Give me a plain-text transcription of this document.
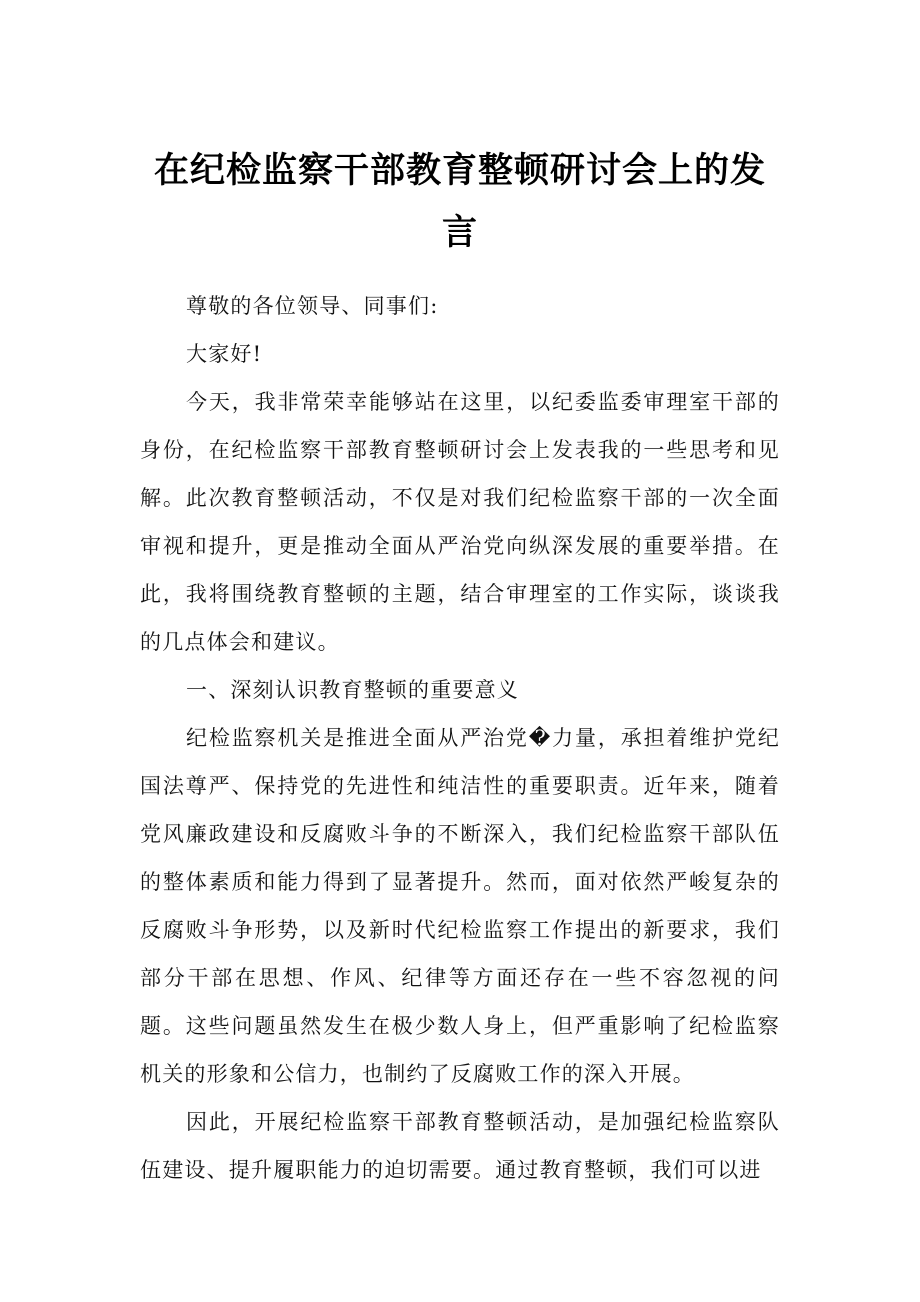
在纪检监察干部教育整顿研讨会上的发言

尊敬的各位领导、同事们:

大家好!

今天，我非常荣幸能够站在这里，以纪委监委审理室干部的身份，在纪检监察干部教育整顿研讨会上发表我的一些思考和见解。此次教育整顿活动，不仅是对我们纪检监察干部的一次全面审视和提升，更是推动全面从严治党向纵深发展的重要举措。在此，我将围绕教育整顿的主题，结合审理室的工作实际，谈谈我的几点体会和建议。

一、深刻认识教育整顿的重要意义

纪检监察机关是推进全面从严治党�力量，承担着维护党纪国法尊严、保持党的先进性和纯洁性的重要职责。近年来，随着党风廉政建设和反腐败斗争的不断深入，我们纪检监察干部队伍的整体素质和能力得到了显著提升。然而，面对依然严峻复杂的反腐败斗争形势，以及新时代纪检监察工作提出的新要求，我们部分干部在思想、作风、纪律等方面还存在一些不容忽视的问题。这些问题虽然发生在极少数人身上，但严重影响了纪检监察机关的形象和公信力，也制约了反腐败工作的深入开展。

因此，开展纪检监察干部教育整顿活动，是加强纪检监察队伍建设、提升履职能力的迫切需要。通过教育整顿，我们可以进
